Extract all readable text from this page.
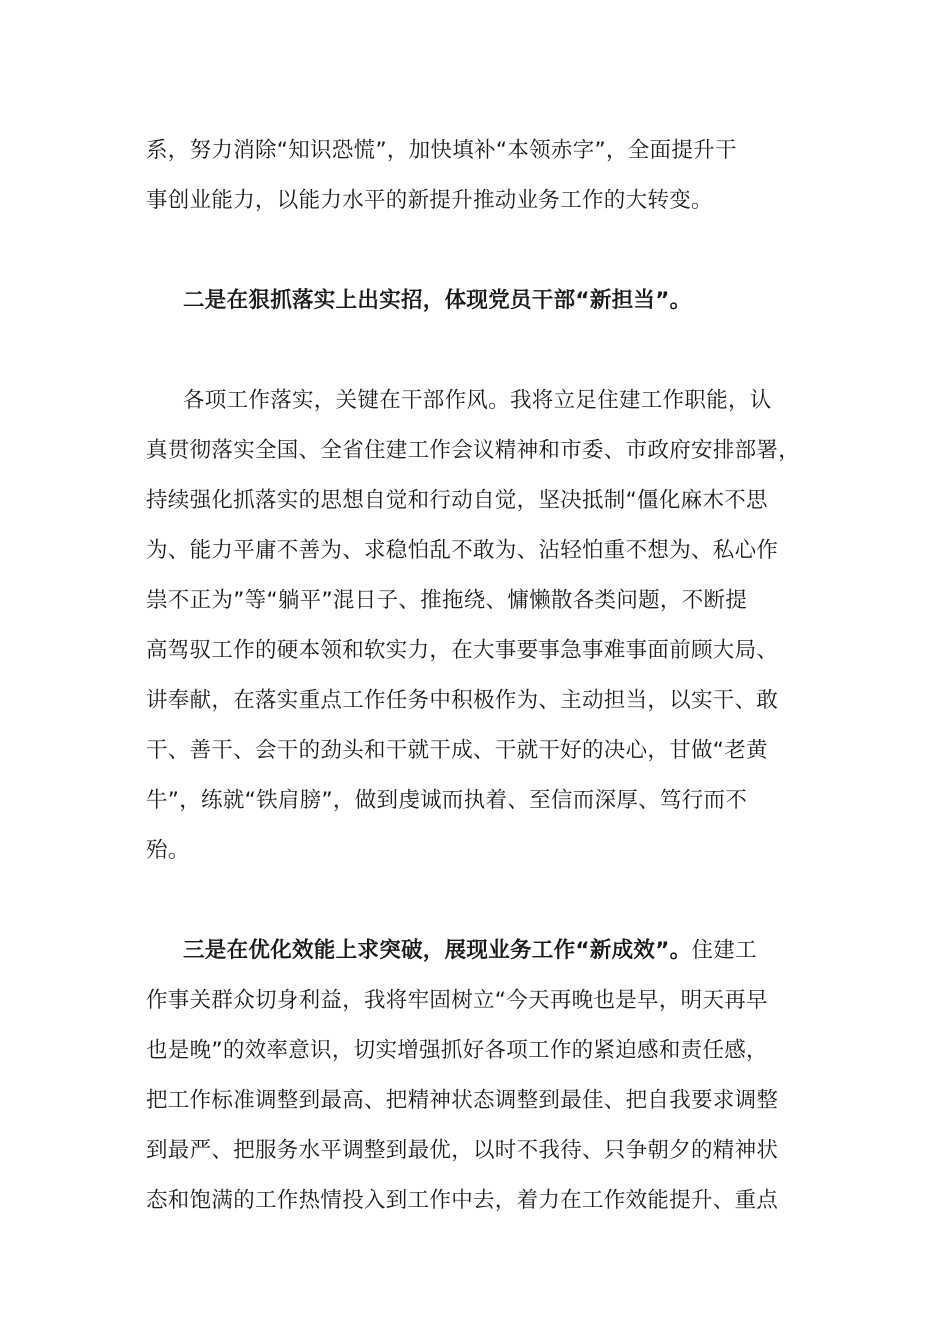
系，努力消除“知识恐慌”，加快填补“本领赤字”，全面提升干
事创业能力，以能力水平的新提升推动业务工作的大转变。
二是在狠抓落实上出实招，体现党员干部“新担当”。
各项工作落实，关键在干部作风。我将立足住建工作职能，认
真贯彻落实全国、全省住建工作会议精神和市委、市政府安排部署，
持续强化抓落实的思想自觉和行动自觉，坚决抵制“僵化麻木不思
为、能力平庸不善为、求稳怕乱不敢为、沾轻怕重不想为、私心作
祟不正为”等“躺平”混日子、推拖绕、慵懒散各类问题，不断提
高驾驭工作的硬本领和软实力，在大事要事急事难事面前顾大局、
讲奉献，在落实重点工作任务中积极作为、主动担当，以实干、敢
干、善干、会干的劲头和干就干成、干就干好的决心，甘做“老黄
牛”，练就“铁肩膀”，做到虔诚而执着、至信而深厚、笃行而不
殆。
三是在优化效能上求突破，展现业务工作“新成效”。住建工
作事关群众切身利益，我将牢固树立“今天再晚也是早，明天再早
也是晚”的效率意识，切实增强抓好各项工作的紧迫感和责任感，
把工作标准调整到最高、把精神状态调整到最佳、把自我要求调整
到最严、把服务水平调整到最优，以时不我待、只争朝夕的精神状
态和饱满的工作热情投入到工作中去，着力在工作效能提升、重点
